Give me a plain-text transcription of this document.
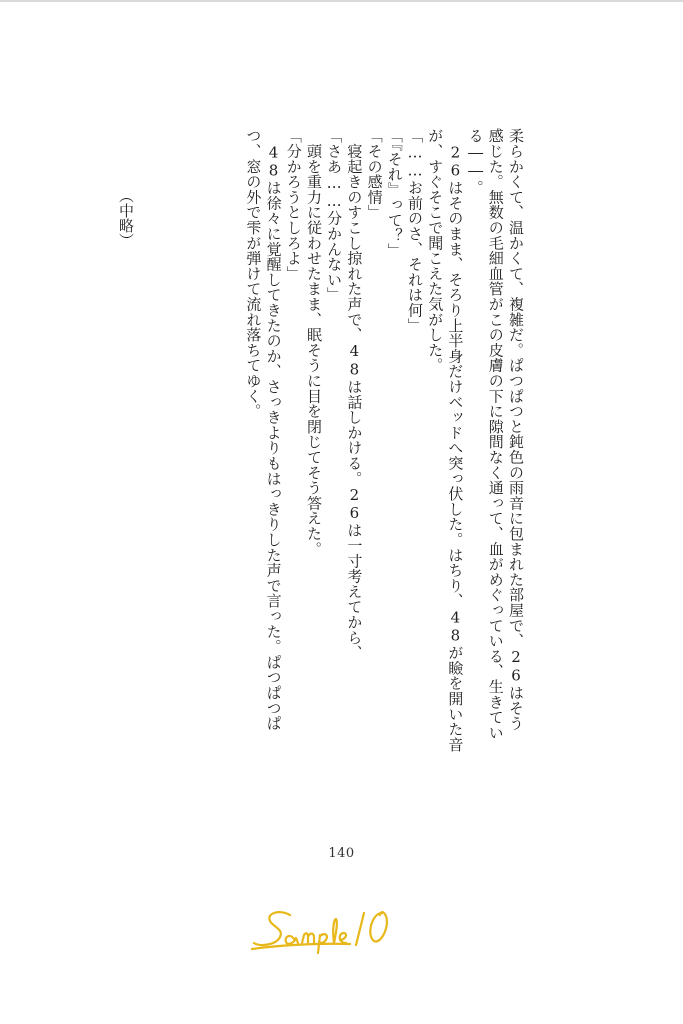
柔らかくて、温かくて、複雑だ。ぱつぱつと鈍色の雨音に包まれた部屋で、26はそう
感じた。無数の毛細血管がこの皮膚の下に隙間なく通って、血がめぐっている、生きてい
る――。
　26はそのまま、そろり上半身だけベッドへ突っ伏した。はちり、48が瞼を開いた音
が、すぐそこで聞こえた気がした。
「……お前のさ、それは何」
「『それ』って？」
「その感情」
　寝起きのすこし掠れた声で、48は話しかける。26は一寸考えてから、
「さあ……分かんない」
　頭を重力に従わせたまま、眠そうに目を閉じてそう答えた。
「分かろうとしろよ」
　48は徐々に覚醒してきたのか、さっきよりもはっきりした声で言った。ぱつぱつぱ
つ、窓の外で雫が弾けて流れ落ちてゆく。
（中略）
140
